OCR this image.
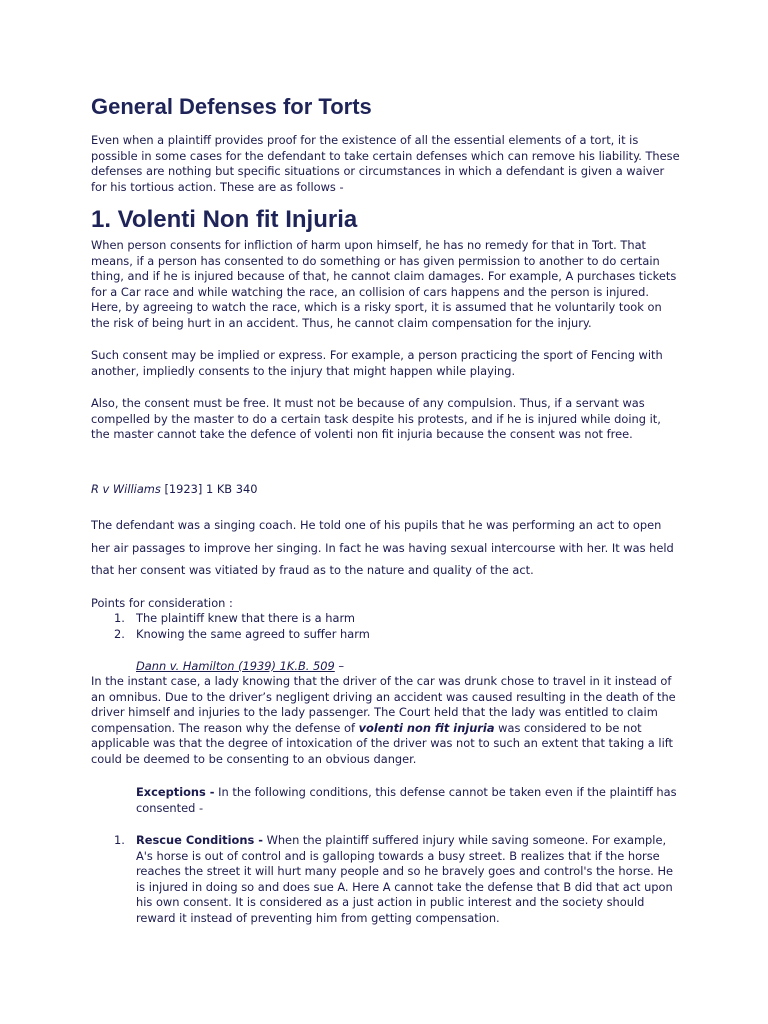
General Defenses for Torts

Even when a plaintiff provides proof for the existence of all the essential elements of a tort, it is possible in some cases for the defendant to take certain defenses which can remove his liability. These defenses are nothing but specific situations or circumstances in which a defendant is given a waiver for his tortious action. These are as follows -

1. Volenti Non fit Injuria

When person consents for infliction of harm upon himself, he has no remedy for that in Tort. That means, if a person has consented to do something or has given permission to another to do certain thing, and if he is injured because of that, he cannot claim damages. For example, A purchases tickets for a Car race and while watching the race, an collision of cars happens and the person is injured. Here, by agreeing to watch the race, which is a risky sport, it is assumed that he voluntarily took on the risk of being hurt in an accident. Thus, he cannot claim compensation for the injury.

Such consent may be implied or express. For example, a person practicing the sport of Fencing with another, impliedly consents to the injury that might happen while playing.

Also, the consent must be free. It must not be because of any compulsion. Thus, if a servant was compelled by the master to do a certain task despite his protests, and if he is injured while doing it, the master cannot take the defence of volenti non fit injuria because the consent was not free.

R v Williams [1923] 1 KB 340

The defendant was a singing coach. He told one of his pupils that he was performing an act to open her air passages to improve her singing. In fact he was having sexual intercourse with her. It was held that her consent was vitiated by fraud as to the nature and quality of the act.

Points for consideration :

1. The plaintiff knew that there is a harm
2. Knowing the same agreed to suffer harm

Dann v. Hamilton (1939) 1K.B. 509 –

In the instant case, a lady knowing that the driver of the car was drunk chose to travel in it instead of an omnibus. Due to the driver’s negligent driving an accident was caused resulting in the death of the driver himself and injuries to the lady passenger. The Court held that the lady was entitled to claim compensation. The reason why the defense of volenti non fit injuria was considered to be not applicable was that the degree of intoxication of the driver was not to such an extent that taking a lift could be deemed to be consenting to an obvious danger.

Exceptions - In the following conditions, this defense cannot be taken even if the plaintiff has consented -

1. Rescue Conditions - When the plaintiff suffered injury while saving someone. For example, A's horse is out of control and is galloping towards a busy street. B realizes that if the horse reaches the street it will hurt many people and so he bravely goes and control's the horse. He is injured in doing so and does sue A. Here A cannot take the defense that B did that act upon his own consent. It is considered as a just action in public interest and the society should reward it instead of preventing him from getting compensation.
